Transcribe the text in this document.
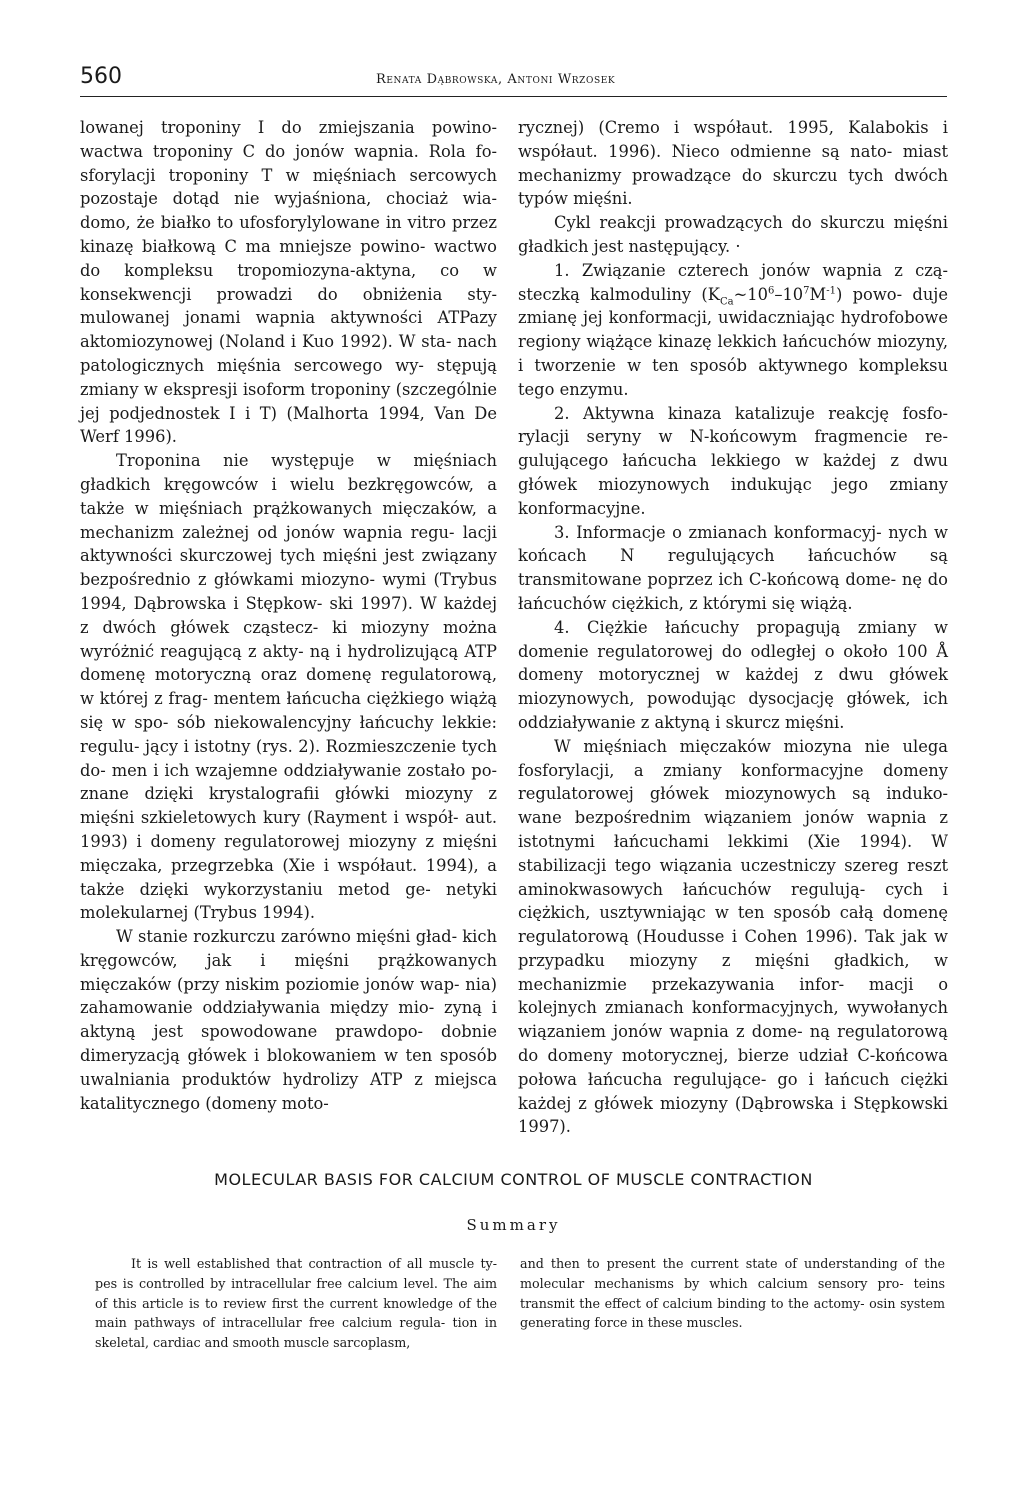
560	Renata Dąbrowska, Antoni Wrzosek

lowanej troponiny I do zmiejszania powino- wactwa troponiny C do jonów wapnia. Rola fo- sforylacji troponiny T w mięśniach sercowych pozostaje dotąd nie wyjaśniona, chociaż wia- domo, że białko to ufosforylylowane in vitro przez kinazę białkową C ma mniejsze powino- wactwo do kompleksu tropomiozyna-aktyna, co w konsekwencji prowadzi do obniżenia sty- mulowanej jonami wapnia aktywności ATPazy aktomiozynowej (Noland i Kuo 1992). W sta- nach patologicznych mięśnia sercowego wy- stępują zmiany w ekspresji isoform troponiny (szczególnie jej podjednostek I i T) (Malhorta 1994, Van De Werf 1996).

Troponina nie występuje w mięśniach gładkich kręgowców i wielu bezkręgowców, a także w mięśniach prążkowanych mięczaków, a mechanizm zależnej od jonów wapnia regu- lacji aktywności skurczowej tych mięśni jest związany bezpośrednio z główkami miozyno- wymi (Trybus 1994, Dąbrowska i Stępkow- ski 1997). W każdej z dwóch główek cząstecz- ki miozyny można wyróżnić reagującą z akty- ną i hydrolizującą ATP domenę motoryczną oraz domenę regulatorową, w której z frag- mentem łańcucha ciężkiego wiążą się w spo- sób niekowalencyjny łańcuchy lekkie: regulu- jący i istotny (rys. 2). Rozmieszczenie tych do- men i ich wzajemne oddziaływanie zostało po- znane dzięki krystalografii główki miozyny z mięśni szkieletowych kury (Rayment i współ- aut. 1993) i domeny regulatorowej miozyny z mięśni mięczaka, przegrzebka (Xie i współaut. 1994), a także dzięki wykorzystaniu metod ge- netyki molekularnej (Trybus 1994).

W stanie rozkurczu zarówno mięśni gład- kich kręgowców, jak i mięśni prążkowanych mięczaków (przy niskim poziomie jonów wap- nia) zahamowanie oddziaływania między mio- zyną i aktyną jest spowodowane prawdopo- dobnie dimeryzacją główek i blokowaniem w ten sposób uwalniania produktów hydrolizy ATP z miejsca katalitycznego (domeny moto-

rycznej) (Cremo i współaut. 1995, Kalabokis i współaut. 1996). Nieco odmienne są nato- miast mechanizmy prowadzące do skurczu tych dwóch typów mięśni.

Cykl reakcji prowadzących do skurczu mięśni gładkich jest następujący. ·

1. Związanie czterech jonów wapnia z czą- steczką kalmoduliny $(K_{Ca}\sim 10^6-10^7M^{-1})$ powo- duje zmianę jej konformacji, uwidaczniając hydrofobowe regiony wiążące kinazę lekkich łańcuchów miozyny, i tworzenie w ten sposób aktywnego kompleksu tego enzymu.

2. Aktywna kinaza katalizuje reakcję fosfo- rylacji seryny w N-końcowym fragmencie re- gulującego łańcucha lekkiego w każdej z dwu główek miozynowych indukując jego zmiany konformacyjne.

3. Informacje o zmianach konformacyj- nych w końcach N regulujących łańcuchów są transmitowane poprzez ich C-końcową dome- nę do łańcuchów ciężkich, z którymi się wiążą.

4. Ciężkie łańcuchy propagują zmiany w domenie regulatorowej do odległej o około 100 Å domeny motorycznej w każdej z dwu główek miozynowych, powodując dysocjację główek, ich oddziaływanie z aktyną i skurcz mięśni.

W mięśniach mięczaków miozyna nie ulega fosforylacji, a zmiany konformacyjne domeny regulatorowej główek miozynowych są induko- wane bezpośrednim wiązaniem jonów wapnia z istotnymi łańcuchami lekkimi (Xie 1994). W stabilizacji tego wiązania uczestniczy szereg reszt aminokwasowych łańcuchów regulują- cych i ciężkich, usztywniając w ten sposób całą domenę regulatorową (Houdusse i Cohen 1996). Tak jak w przypadku miozyny z mięśni gładkich, w mechanizmie przekazywania infor- macji o kolejnych zmianach konformacyjnych, wywołanych wiązaniem jonów wapnia z dome- ną regulatorową do domeny motorycznej, bierze udział C-końcowa połowa łańcucha regulujące- go i łańcuch ciężki każdej z główek miozyny (Dąbrowska i Stępkowski 1997).

MOLECULAR BASIS FOR CALCIUM CONTROL OF MUSCLE CONTRACTION
Summary

It is well established that contraction of all muscle ty- pes is controlled by intracellular free calcium level. The aim of this article is to review first the current knowledge of the main pathways of intracellular free calcium regula- tion in skeletal, cardiac and smooth muscle sarcoplasm,

and then to present the current state of understanding of the molecular mechanisms by which calcium sensory pro- teins transmit the effect of calcium binding to the actomy- osin system generating force in these muscles.
